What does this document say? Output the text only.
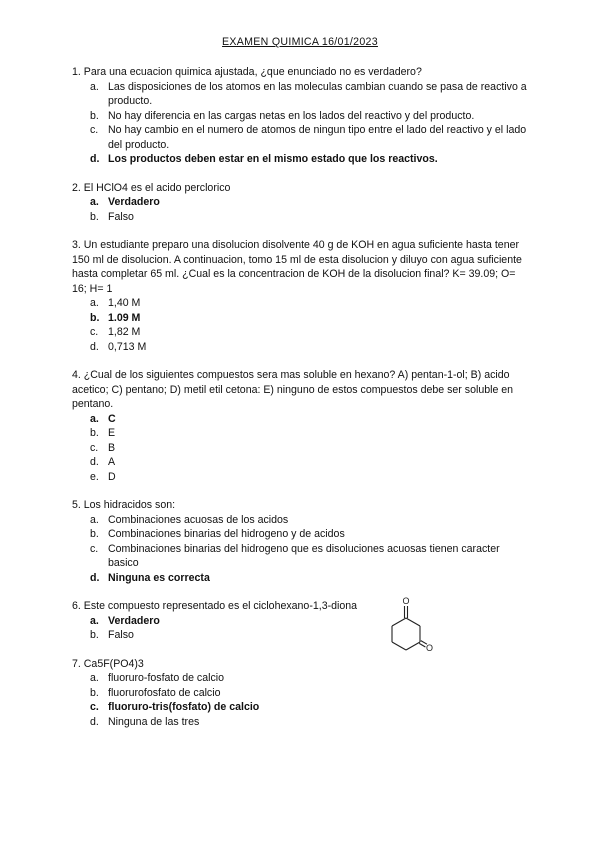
EXAMEN QUIMICA 16/01/2023
1. Para una ecuacion quimica ajustada, ¿que enunciado no es verdadero?
a. Las disposiciones de los atomos en las moleculas cambian cuando se pasa de reactivo a producto.
b. No hay diferencia en las cargas netas en los lados del reactivo y del producto.
c. No hay cambio en el numero de atomos de ningun tipo entre el lado del reactivo y el lado del producto.
d. Los productos deben estar en el mismo estado que los reactivos.
2. El HClO4 es el acido perclorico
a. Verdadero
b. Falso
3. Un estudiante preparo una disolucion disolvente 40 g de KOH en agua suficiente hasta tener 150 ml de disolucion. A continuacion, tomo 15 ml de esta disolucion y diluyo con agua suficiente hasta completar 65 ml. ¿Cual es la concentracion de KOH de la disolucion final? K= 39.09; O= 16; H= 1
a. 1,40 M
b. 1.09 M
c. 1,82 M
d. 0,713 M
4. ¿Cual de los siguientes compuestos sera mas soluble en hexano? A) pentan-1-ol; B) acido acetico; C) pentano; D) metil etil cetona: E) ninguno de estos compuestos debe ser soluble en pentano.
a. C
b. E
c. B
d. A
e. D
5. Los hidracidos son:
a. Combinaciones acuosas de los acidos
b. Combinaciones binarias del hidrogeno y de acidos
c. Combinaciones binarias del hidrogeno que es disoluciones acuosas tienen caracter basico
d. Ninguna es correcta
6. Este compuesto representado es el ciclohexano-1,3-diona
a. Verdadero
b. Falso
7. Ca5F(PO4)3
a. fluoruro-fosfato de calcio
b. fluorurofosfato de calcio
c. fluoruro-tris(fosfato) de calcio
d. Ninguna de las tres
O
O
